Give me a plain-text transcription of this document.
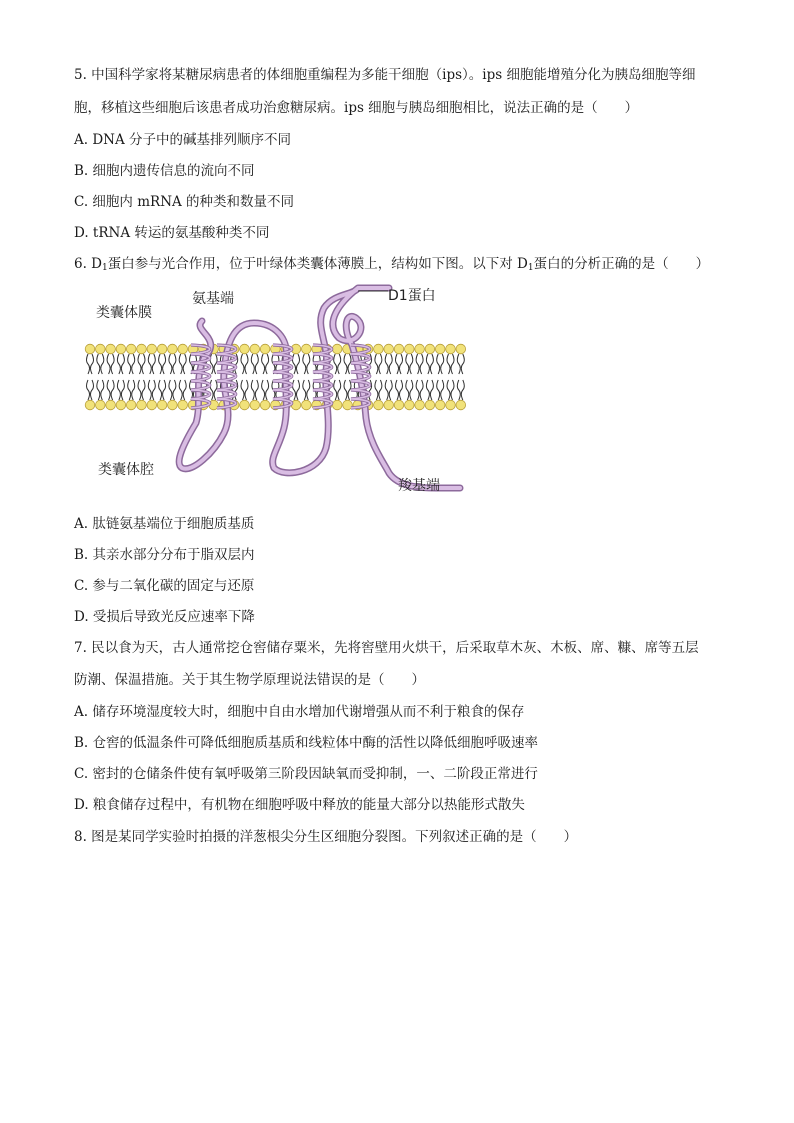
5. 中国科学家将某糖尿病患者的体细胞重编程为多能干细胞（ips）。ips 细胞能增殖分化为胰岛细胞等细
胞，移植这些细胞后该患者成功治愈糖尿病。ips 细胞与胰岛细胞相比，说法正确的是（　　）
A. DNA 分子中的碱基排列顺序不同
B. 细胞内遗传信息的流向不同
C. 细胞内 mRNA 的种类和数量不同
D. tRNA 转运的氨基酸种类不同
6. $D_1$蛋白参与光合作用，位于叶绿体类囊体薄膜上，结构如下图。以下对 $D_1$蛋白的分析正确的是（　　）
类囊体膜
氨基端	D1蛋白
类囊体腔
羧基端
A. 肽链氨基端位于细胞质基质
B. 其亲水部分分布于脂双层内
C. 参与二氧化碳的固定与还原
D. 受损后导致光反应速率下降
7. 民以食为天，古人通常挖仓窖储存粟米，先将窖壁用火烘干，后采取草木灰、木板、席、糠、席等五层
防潮、保温措施。关于其生物学原理说法错误的是（　　）
A. 储存环境湿度较大时，细胞中自由水增加代谢增强从而不利于粮食的保存
B. 仓窖的低温条件可降低细胞质基质和线粒体中酶的活性以降低细胞呼吸速率
C. 密封的仓储条件使有氧呼吸第三阶段因缺氧而受抑制，一、二阶段正常进行
D. 粮食储存过程中，有机物在细胞呼吸中释放的能量大部分以热能形式散失
8. 图是某同学实验时拍摄的洋葱根尖分生区细胞分裂图。下列叙述正确的是（　　）
